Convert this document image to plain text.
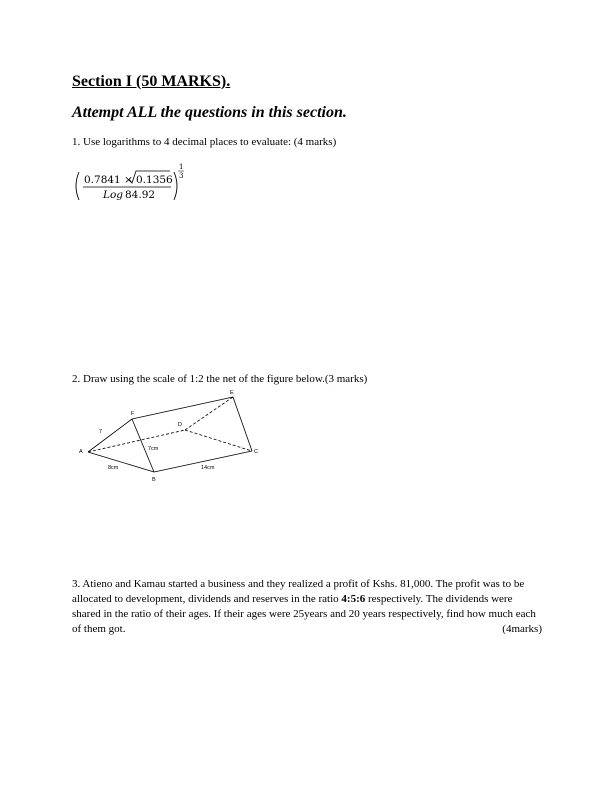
Section I (50 MARKS).
Attempt ALL the questions in this section.
1. Use logarithms to 4 decimal places to evaluate: (4 marks)
0.7841 × 0.1356
Log 84.92
1
3
2. Draw using the scale of 1:2 the net of the figure below.(3 marks)
A
B
C
D
E
F
7
8cm
7cm
14cm
3. Atieno and Kamau started a business and they realized a profit of Kshs. 81,000. The profit was to be allocated to development, dividends and reserves in the ratio 4:5:6 respectively. The dividends were shared in the ratio of their ages. If their ages were 25years and 20 years respectively, find how much each of them got.	(4marks)
